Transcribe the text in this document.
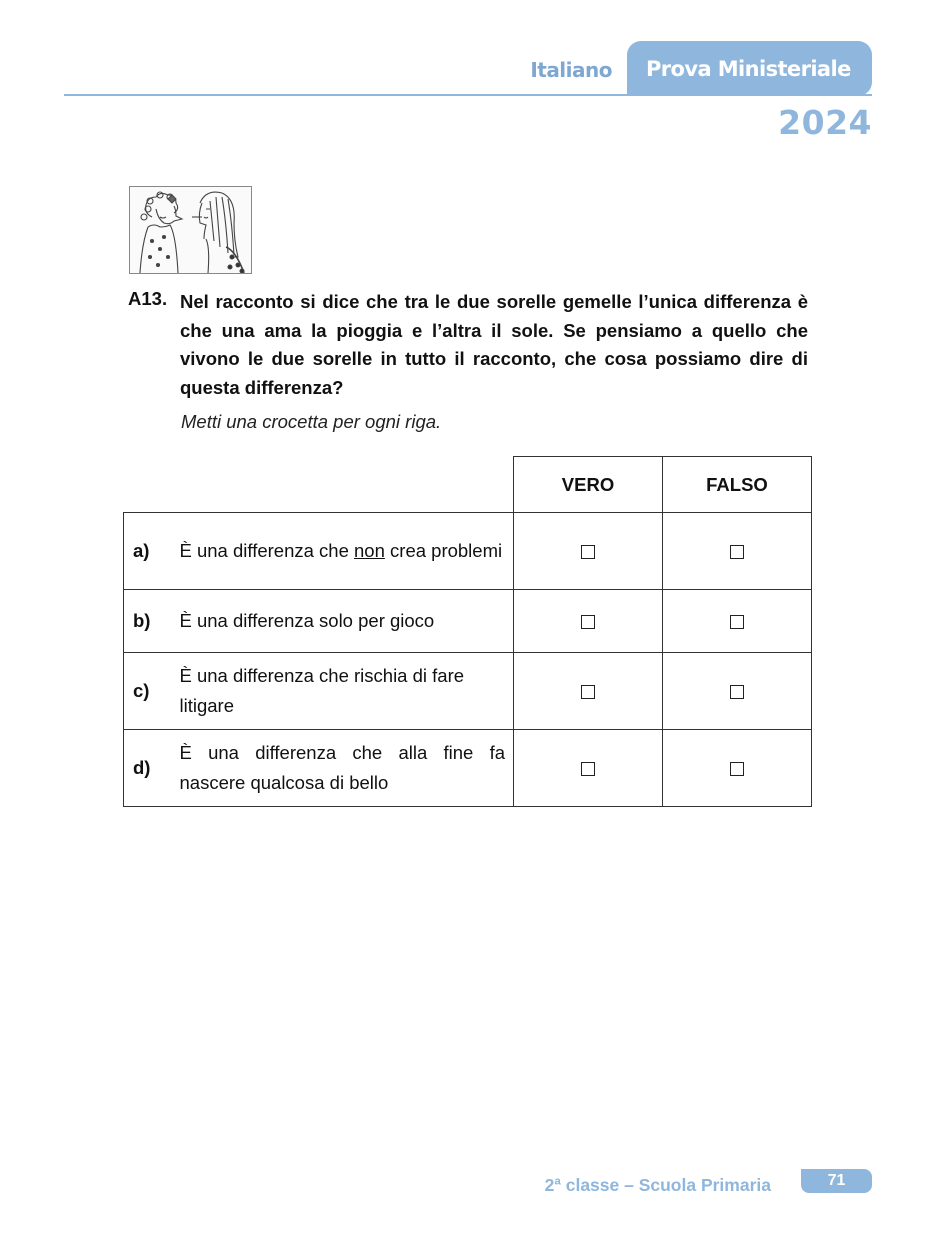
Italiano	Prova Ministeriale
2024
A13. Nel racconto si dice che tra le due sorelle gemelle l’unica differenza è che una ama la pioggia e l’altra il sole. Se pensiamo a quello che vivono le due sorelle in tutto il racconto, che cosa possiamo dire di questa differenza?
Metti una crocetta per ogni riga.
		VERO	FALSO
a)	È una differenza che non crea problemi		
b)	È una differenza solo per gioco		
c)	È una differenza che rischia di fare litigare		
d)	È una differenza che alla fine fa nascere qualcosa di bello		
2ª classe – Scuola Primaria	71
